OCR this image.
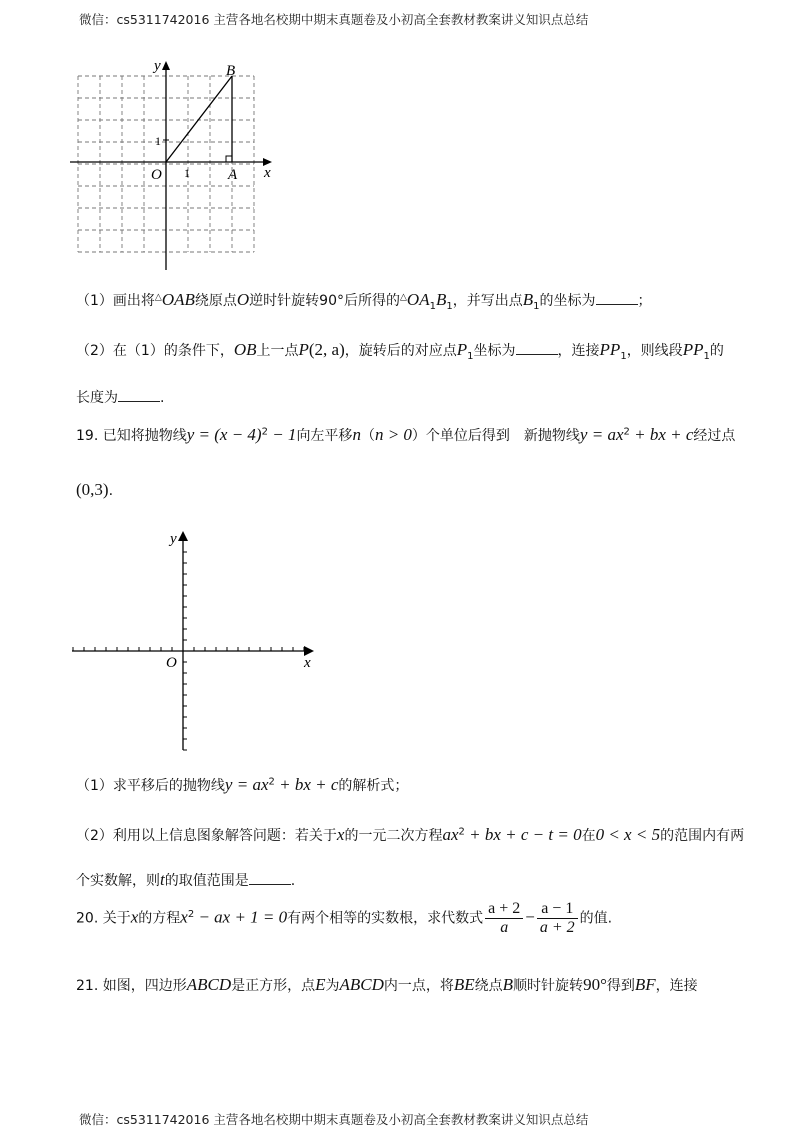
微信：cs5311742016 主营各地名校期中期末真题卷及小初高全套教材教案讲义知识点总结
y
x
O	A
B
1
1
（1）画出将△OAB绕原点O逆时针旋转90°后所得的$^\triangle OA_1B_1$，并写出点$B_1$的坐标为	；
（2）在（1）的条件下，OB上一点P(2, a)，旋转后的对应点$P_1$坐标为	，连接$PP_1$，则线段$PP_1$的
长度为	.
19. 已知将抛物线$y = (x - 4)^2 - 1$向左平移n（n > 0）个单位后得到　新抛物线$y = ax^2$ + bx + c经过点
(0,3).
y
x
O
（1）求平移后的抛物线$y = ax^2$ + bx + c的解析式；
（2）利用以上信息图象解答问题：若关于x的一元二次方程$ax^2$ + bx + c − t = 0在0 < x < 5的范围内有两
个实数解，则t的取值范围是	.
20. 关于x的方程$x^2$ − ax + 1 = 0有两个相等的实数根，求代数式 $\frac{a + 2}{a} - \frac{a - 1}{a + 2}$ 的值.
21. 如图，四边形ABCD是正方形，点E为ABCD内一点，将BE绕点B顺时针旋转90°得到BF，连接
微信：cs5311742016 主营各地名校期中期末真题卷及小初高全套教材教案讲义知识点总结
